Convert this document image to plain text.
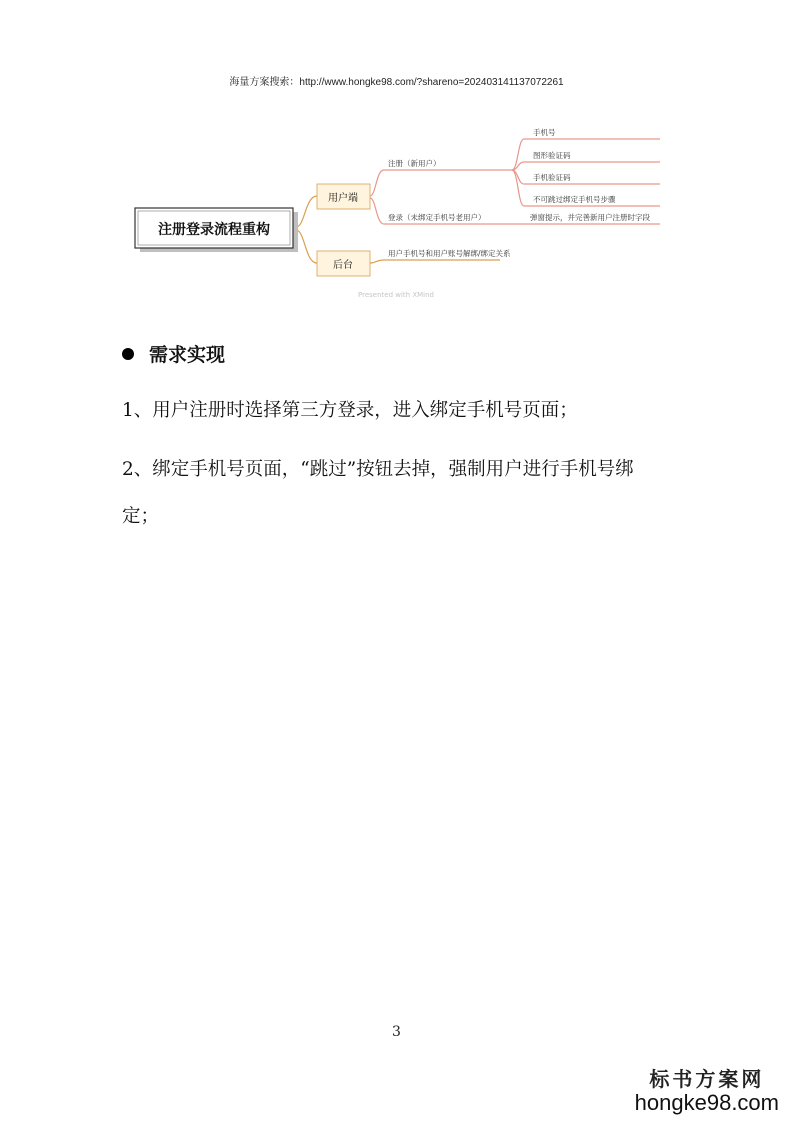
海量方案搜索：http://www.hongke98.com/?shareno=20240314113707226​1
注册登录流程重构
用户端
后台
注册（新用户）
登录（未绑定手机号老用户）
手机号
图形验证码
手机验证码
不可跳过绑定手机号步骤
弹窗提示，并完善新用户注册时字段
用户手机号和用户账号解绑/绑定关系
Presented with XMind
需求实现
1、用户注册时选择第三方登录，进入绑定手机号页面；
2、绑定手机号页面，“跳过”按钮去掉，强制用户进行手机号绑定；
3
标书方案网
hongke98.com
